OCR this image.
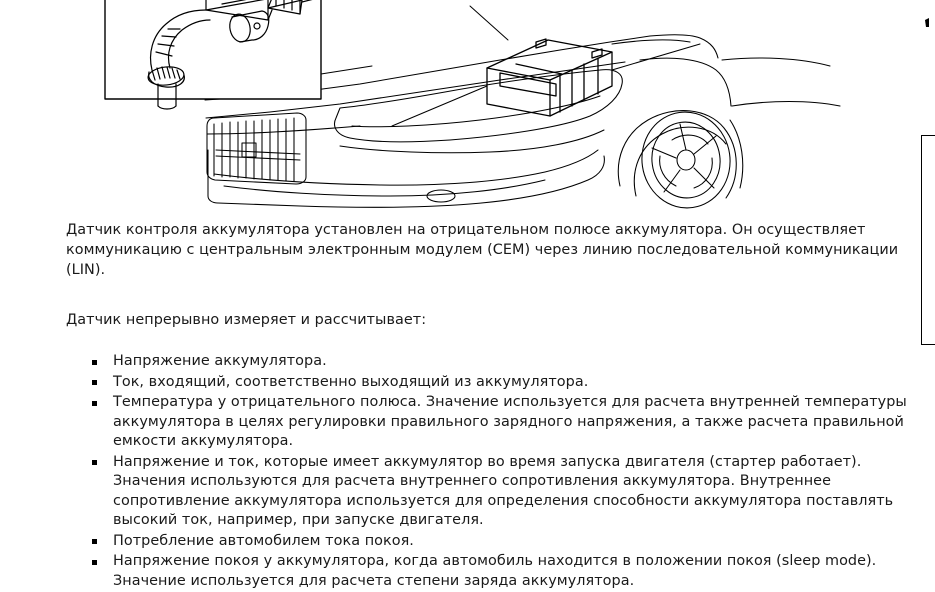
Датчик контроля аккумулятора установлен на отрицательном полюсе аккумулятора. Он осуществляет коммуникацию с центральным электронным модулем (CEM) через линию последовательной коммуникации (LIN).

Датчик непрерывно измеряет и рассчитывает:

Напряжение аккумулятора.
Ток, входящий, соответственно выходящий из аккумулятора.
Температура у отрицательного полюса. Значение используется для расчета внутренней температуры аккумулятора в целях регулировки правильного зарядного напряжения, а также расчета правильной емкости аккумулятора.
Напряжение и ток, которые имеет аккумулятор во время запуска двигателя (стартер работает). Значения используются для расчета внутреннего сопротивления аккумулятора. Внутреннее сопротивление аккумулятора используется для определения способности аккумулятора поставлять высокий ток, например, при запуске двигателя.
Потребление автомобилем тока покоя.
Напряжение покоя у аккумулятора, когда автомобиль находится в положении покоя (sleep mode). Значение используется для расчета степени заряда аккумулятора.
